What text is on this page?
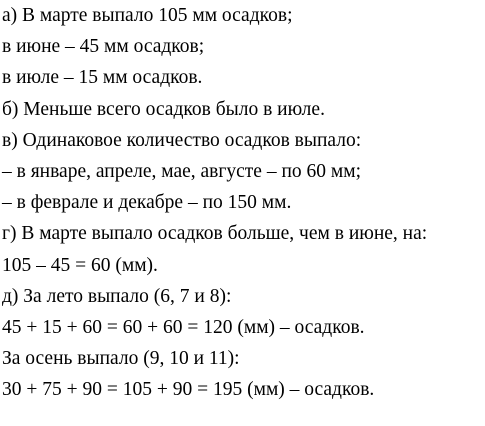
а) В марте выпало 105 мм осадков;
в июне – 45 мм осадков;
в июле – 15 мм осадков.
б) Меньше всего осадков было в июле.
в) Одинаковое количество осадков выпало:
– в январе, апреле, мае, августе – по 60 мм;
– в феврале и декабре – по 150 мм.
г) В марте выпало осадков больше, чем в июне, на:
105 – 45 = 60 (мм).
д) За лето выпало (6, 7 и 8):
45 + 15 + 60 = 60 + 60 = 120 (мм) – осадков.
За осень выпало (9, 10 и 11):
30 + 75 + 90 = 105 + 90 = 195 (мм) – осадков.
